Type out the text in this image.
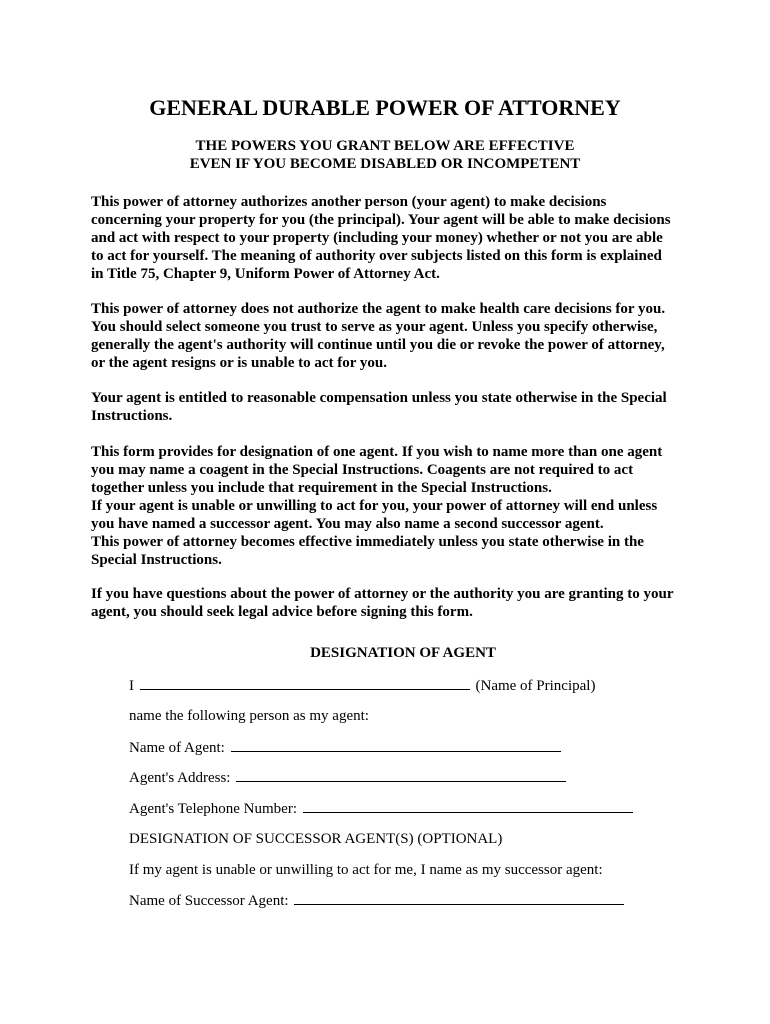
GENERAL DURABLE POWER OF ATTORNEY
THE POWERS YOU GRANT BELOW ARE EFFECTIVE
EVEN IF YOU BECOME DISABLED OR INCOMPETENT
This power of attorney authorizes another person (your agent) to make decisions
concerning your property for you (the principal). Your agent will be able to make decisions
and act with respect to your property (including your money) whether or not you are able
to act for yourself. The meaning of authority over subjects listed on this form is explained
in Title 75, Chapter 9, Uniform Power of Attorney Act.
This power of attorney does not authorize the agent to make health care decisions for you.
You should select someone you trust to serve as your agent. Unless you specify otherwise,
generally the agent's authority will continue until you die or revoke the power of attorney,
or the agent resigns or is unable to act for you.
Your agent is entitled to reasonable compensation unless you state otherwise in the Special
Instructions.
This form provides for designation of one agent. If you wish to name more than one agent
you may name a coagent in the Special Instructions. Coagents are not required to act
together unless you include that requirement in the Special Instructions.
If your agent is unable or unwilling to act for you, your power of attorney will end unless
you have named a successor agent. You may also name a second successor agent.
This power of attorney becomes effective immediately unless you state otherwise in the
Special Instructions.
If you have questions about the power of attorney or the authority you are granting to your
agent, you should seek legal advice before signing this form.
DESIGNATION OF AGENT
I	(Name of Principal)
name the following person as my agent:
Name of Agent:
Agent's Address:
Agent's Telephone Number:
DESIGNATION OF SUCCESSOR AGENT(S) (OPTIONAL)
If my agent is unable or unwilling to act for me, I name as my successor agent:
Name of Successor Agent:
